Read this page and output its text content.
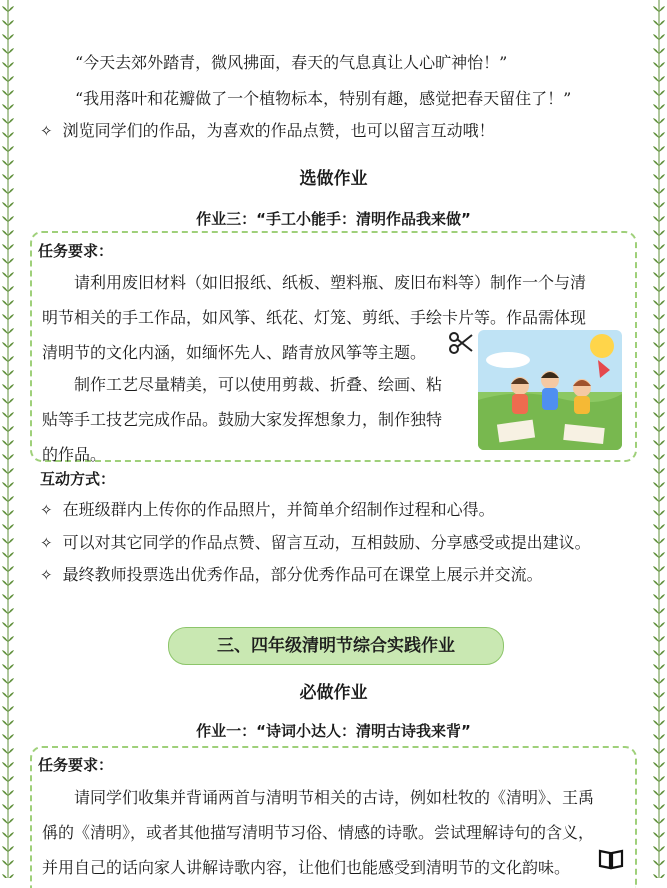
“今天去郊外踏青，微风拂面，春天的气息真让人心旷神怡！”
“我用落叶和花瓣做了一个植物标本，特别有趣，感觉把春天留住了！”
✧ 浏览同学们的作品，为喜欢的作品点赞，也可以留言互动哦！
选做作业
作业三：“手工小能手：清明作品我来做”
任务要求：
请利用废旧材料（如旧报纸、纸板、塑料瓶、废旧布料等）制作一个与清
明节相关的手工作品，如风筝、纸花、灯笼、剪纸、手绘卡片等。作品需体现
清明节的文化内涵，如缅怀先人、踏青放风筝等主题。
制作工艺尽量精美，可以使用剪裁、折叠、绘画、粘
贴等手工技艺完成作品。鼓励大家发挥想象力，制作独特
的作品。
互动方式：
✧ 在班级群内上传你的作品照片，并简单介绍制作过程和心得。
✧ 可以对其它同学的作品点赞、留言互动，互相鼓励、分享感受或提出建议。
✧ 最终教师投票选出优秀作品，部分优秀作品可在课堂上展示并交流。
三、四年级清明节综合实践作业
必做作业
作业一：“诗词小达人：清明古诗我来背”
任务要求：
请同学们收集并背诵两首与清明节相关的古诗，例如杜牧的《清明》、王禹
偁的《清明》，或者其他描写清明节习俗、情感的诗歌。尝试理解诗句的含义，
并用自己的话向家人讲解诗歌内容，让他们也能感受到清明节的文化韵味。
